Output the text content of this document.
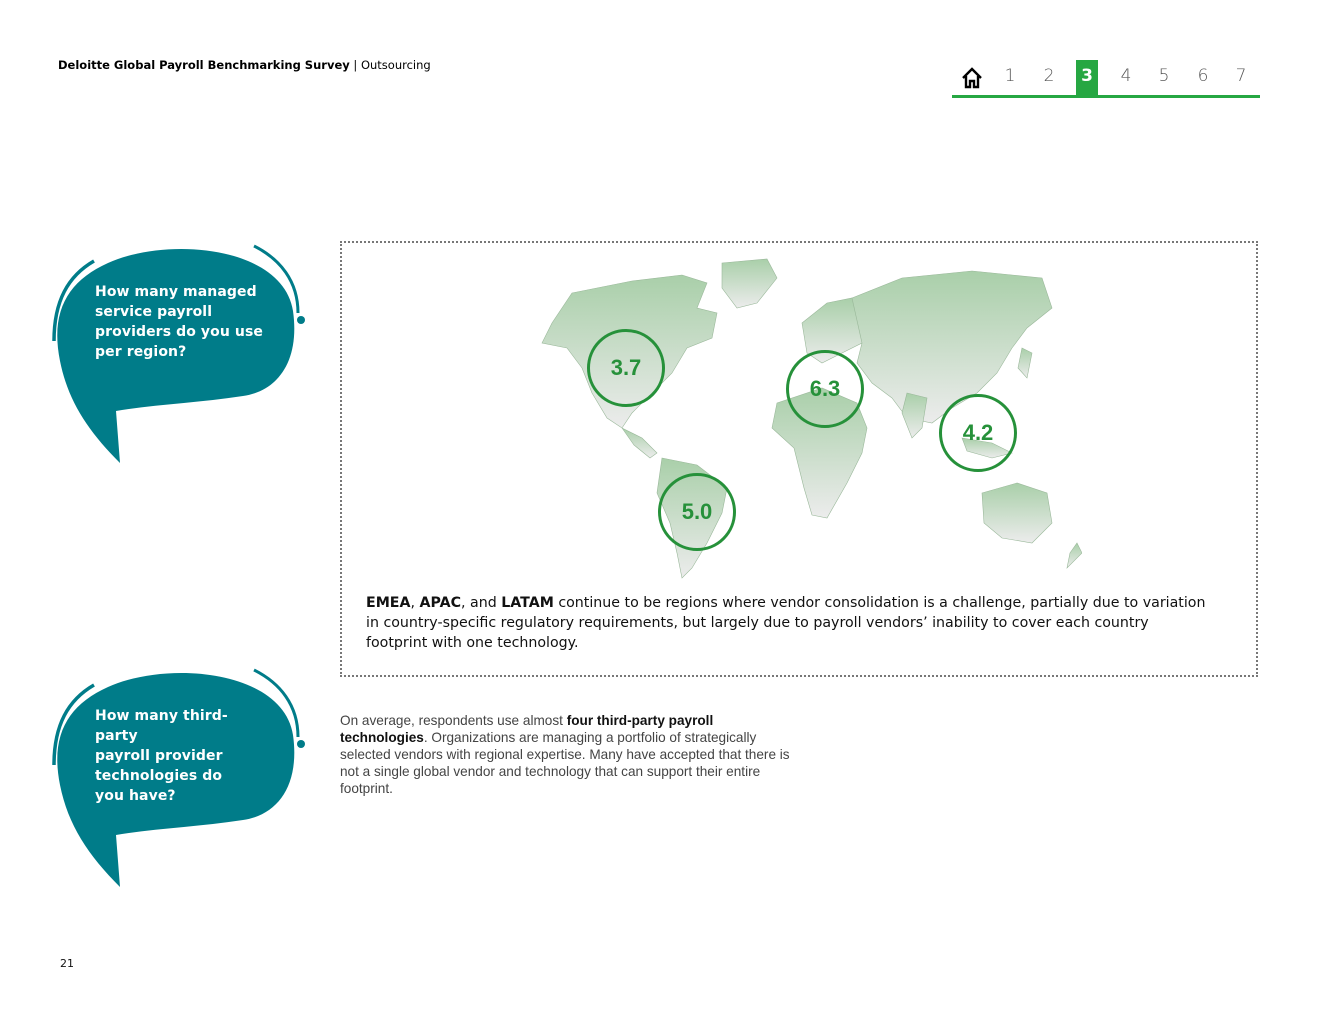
Deloitte Global Payroll Benchmarking Survey | Outsourcing
1	2	3	4	5	6	7
How many managed
service payroll
providers do you use
per region?
How many third-party
payroll provider
technologies do
you have?
3.7
6.3
4.2
5.0
EMEA, APAC, and LATAM continue to be regions where vendor consolidation is a challenge, partially due to variation in country-specific regulatory requirements, but largely due to payroll vendors’ inability to cover each country footprint with one technology.
On average, respondents use almost four third-party payroll technologies. Organizations are managing a portfolio of strategically selected vendors with regional expertise. Many have accepted that there is not a single global vendor and technology that can support their entire footprint.
21
